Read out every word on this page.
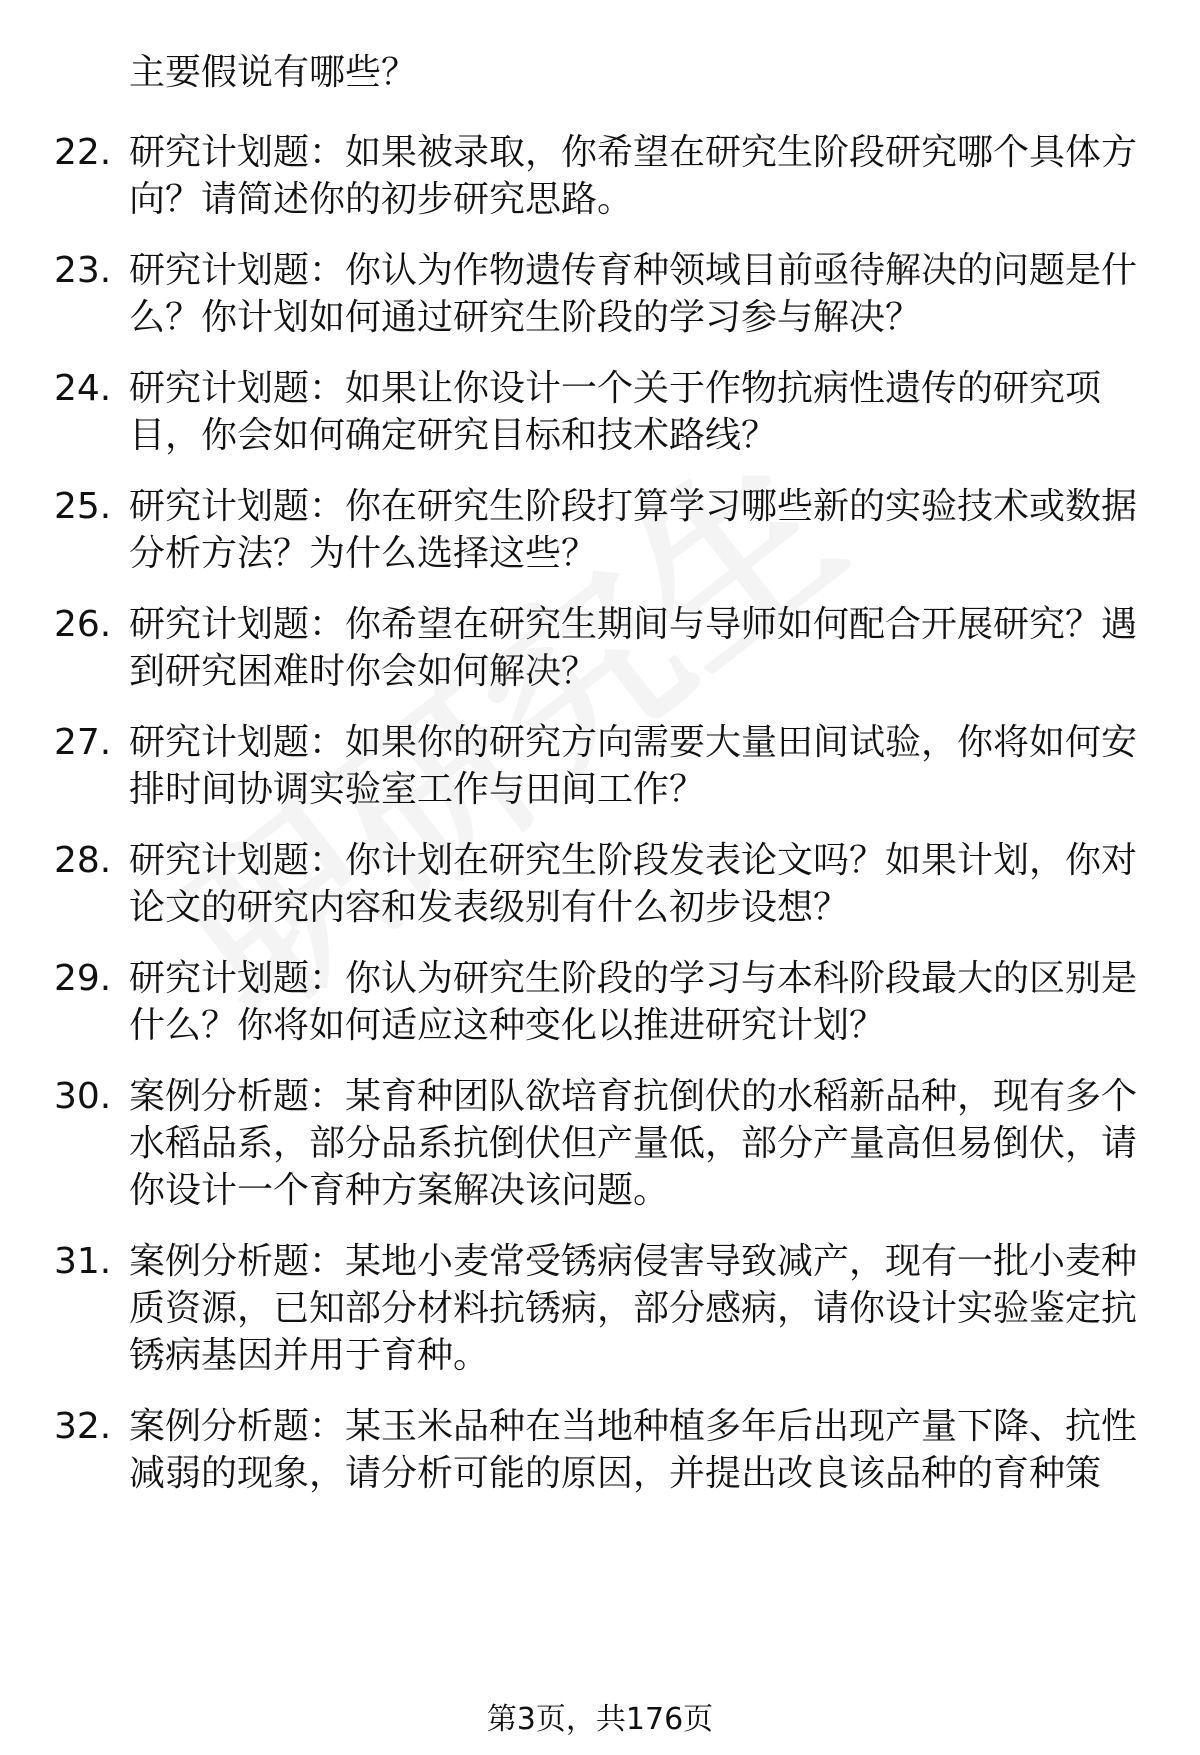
主要假说有哪些？
22. 研究计划题：如果被录取，你希望在研究生阶段研究哪个具体方
向？请简述你的初步研究思路。
23. 研究计划题：你认为作物遗传育种领域目前亟待解决的问题是什
么？你计划如何通过研究生阶段的学习参与解决？
24. 研究计划题：如果让你设计一个关于作物抗病性遗传的研究项
目，你会如何确定研究目标和技术路线？
25. 研究计划题：你在研究生阶段打算学习哪些新的实验技术或数据
分析方法？为什么选择这些？
26. 研究计划题：你希望在研究生期间与导师如何配合开展研究？遇
到研究困难时你会如何解决？
27. 研究计划题：如果你的研究方向需要大量田间试验，你将如何安
排时间协调实验室工作与田间工作？
28. 研究计划题：你计划在研究生阶段发表论文吗？如果计划，你对
论文的研究内容和发表级别有什么初步设想？
29. 研究计划题：你认为研究生阶段的学习与本科阶段最大的区别是
什么？你将如何适应这种变化以推进研究计划？
30. 案例分析题：某育种团队欲培育抗倒伏的水稻新品种，现有多个
水稻品系，部分品系抗倒伏但产量低，部分产量高但易倒伏，请
你设计一个育种方案解决该问题。
31. 案例分析题：某地小麦常受锈病侵害导致减产，现有一批小麦种
质资源，已知部分材料抗锈病，部分感病，请你设计实验鉴定抗
锈病基因并用于育种。
32. 案例分析题：某玉米品种在当地种植多年后出现产量下降、抗性
减弱的现象，请分析可能的原因，并提出改良该品种的育种策
第3页，共176页
